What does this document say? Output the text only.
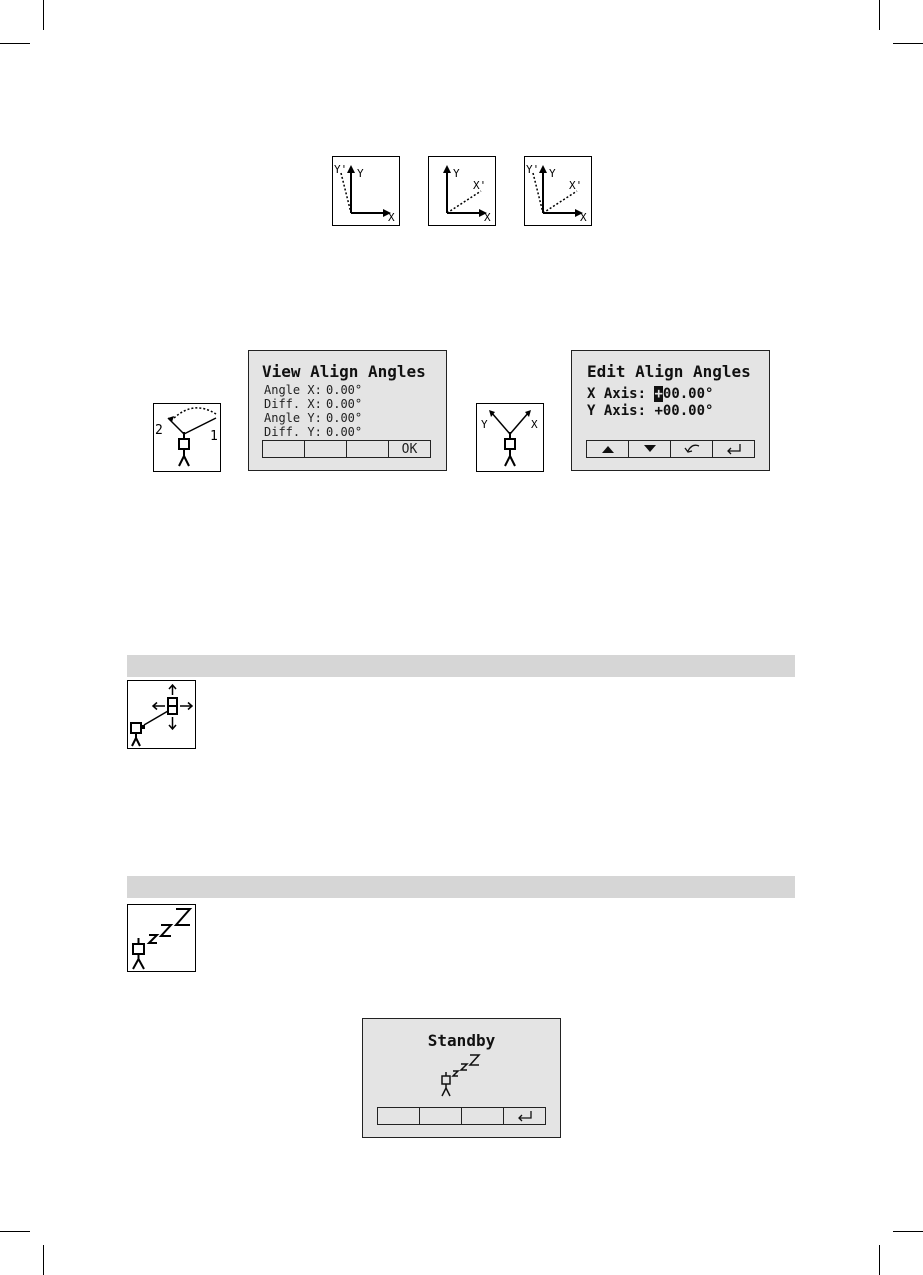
Y
Y'
X
Y
X'
X
Y
Y'
X'
X
2	1
View Align Angles
Angle X: 0.00°
Diff. X: 0.00°
Angle Y: 0.00°
Diff. Y: 0.00°
OK
Y	X
Edit Align Angles
X Axis: +00.00°
Y Axis: +00.00°
Standby
